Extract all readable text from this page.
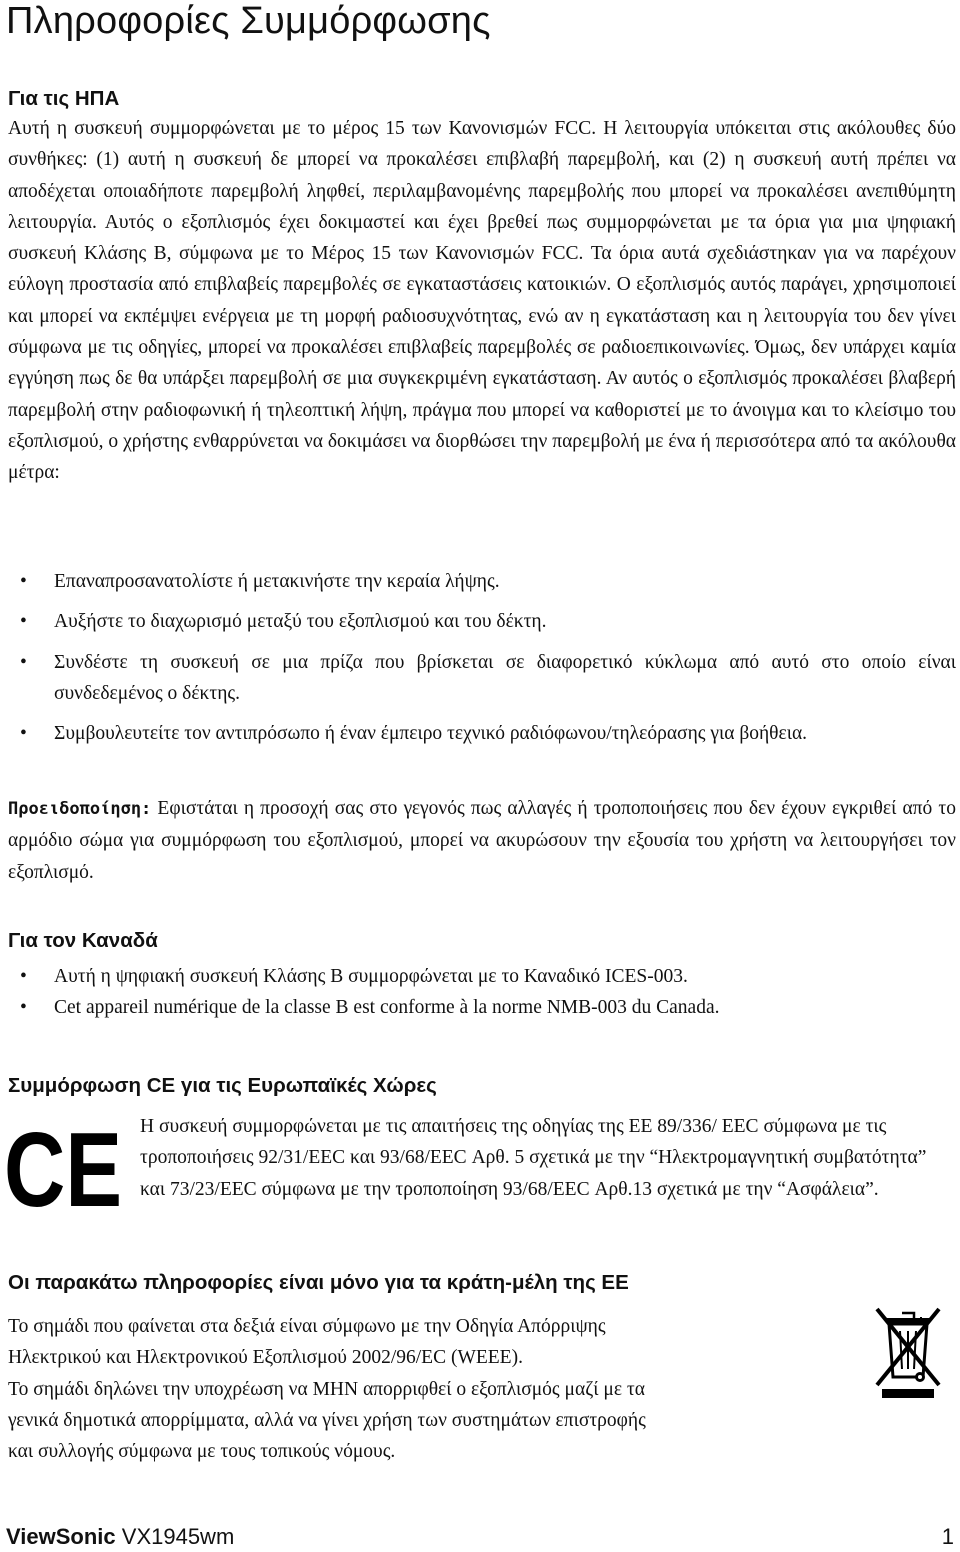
Πληροφορίες Συμμόρφωσης
Για τις ΗΠΑ

Αυτή η συσκευή συμμορφώνεται με το μέρος 15 των Κανονισμών FCC. Η λειτουργία υπόκειται στις ακόλουθες δύο συνθήκες: (1) αυτή η συσκευή δε μπορεί να προκαλέσει επιβλαβή παρεμβολή, και (2) η συσκευή αυτή πρέπει να αποδέχεται οποιαδήποτε παρεμβολή ληφθεί, περιλαμβανομένης παρεμβολής που μπορεί να προκαλέσει ανεπιθύμητη λειτουργία. Αυτός ο εξοπλισμός έχει δοκιμαστεί και έχει βρεθεί πως συμμορφώνεται με τα όρια για μια ψηφιακή συσκευή Κλάσης B, σύμφωνα με το Μέρος 15 των Κανονισμών FCC. Τα όρια αυτά σχεδιάστηκαν για να παρέχουν εύλογη προστασία από επιβλαβείς παρεμβολές σε εγκαταστάσεις κατοικιών. Ο εξοπλισμός αυτός παράγει, χρησιμοποιεί και μπορεί να εκπέμψει ενέργεια με τη μορφή ραδιοσυχνότητας, ενώ αν η εγκατάσταση και η λειτουργία του δεν γίνει σύμφωνα με τις οδηγίες, μπορεί να προκαλέσει επιβλαβείς παρεμβολές σε ραδιοεπικοινωνίες. Όμως, δεν υπάρχει καμία εγγύηση πως δε θα υπάρξει παρεμβολή σε μια συγκεκριμένη εγκατάσταση. Αν αυτός ο εξοπλισμός προκαλέσει βλαβερή παρεμβολή στην ραδιοφωνική ή τηλεοπτική λήψη, πράγμα που μπορεί να καθοριστεί με το άνοιγμα και το κλείσιμο του εξοπλισμού, ο χρήστης ενθαρρύνεται να δοκιμάσει να διορθώσει την παρεμβολή με ένα ή περισσότερα από τα ακόλουθα μέτρα:

• Επαναπροσανατολίστε ή μετακινήστε την κεραία λήψης.
• Αυξήστε το διαχωρισμό μεταξύ του εξοπλισμού και του δέκτη.
• Συνδέστε τη συσκευή σε μια πρίζα που βρίσκεται σε διαφορετικό κύκλωμα από αυτό στο οποίο είναι συνδεδεμένος ο δέκτης.
• Συμβουλευτείτε τον αντιπρόσωπο ή έναν έμπειρο τεχνικό ραδιόφωνου/τηλεόρασης για βοήθεια.

Προειδοποίηση: Εφιστάται η προσοχή σας στο γεγονός πως αλλαγές ή τροποποιήσεις που δεν έχουν εγκριθεί από το αρμόδιο σώμα για συμμόρφωση του εξοπλισμού, μπορεί να ακυρώσουν την εξουσία του χρήστη να λειτουργήσει τον εξοπλισμό.

Για τον Καναδά
• Αυτή η ψηφιακή συσκευή Κλάσης B συμμορφώνεται με το Καναδικό ICES-003.
• Cet appareil numérique de la classe B est conforme à la norme NMB-003 du Canada.
Συμμόρφωση CE για τις Ευρωπαϊκές Χώρες
CE Η συσκευή συμμορφώνεται με τις απαιτήσεις της οδηγίας της ΕΕ 89/336/ EEC σύμφωνα με τις τροποποιήσεις 92/31/EEC και 93/68/EEC Αρθ. 5 σχετικά με την “Ηλεκτρομαγνητική συμβατότητα” και 73/23/EEC σύμφωνα με την τροποποίηση 93/68/EEC Αρθ.13 σχετικά με την “Ασφάλεια”.

Οι παρακάτω πληροφορίες είναι μόνο για τα κράτη-μέλη της ΕΕ
Το σημάδι που φαίνεται στα δεξιά είναι σύμφωνο με την Οδηγία Απόρριψης
Ηλεκτρικού και Ηλεκτρονικού Εξοπλισμού 2002/96/EC (WEEE).
Το σημάδι δηλώνει την υποχρέωση να ΜΗΝ απορριφθεί ο εξοπλισμός μαζί με τα
γενικά δημοτικά απορρίμματα, αλλά να γίνει χρήση των συστημάτων επιστροφής
και συλλογής σύμφωνα με τους τοπικούς νόμους.
ViewSonic VX1945wm	1
